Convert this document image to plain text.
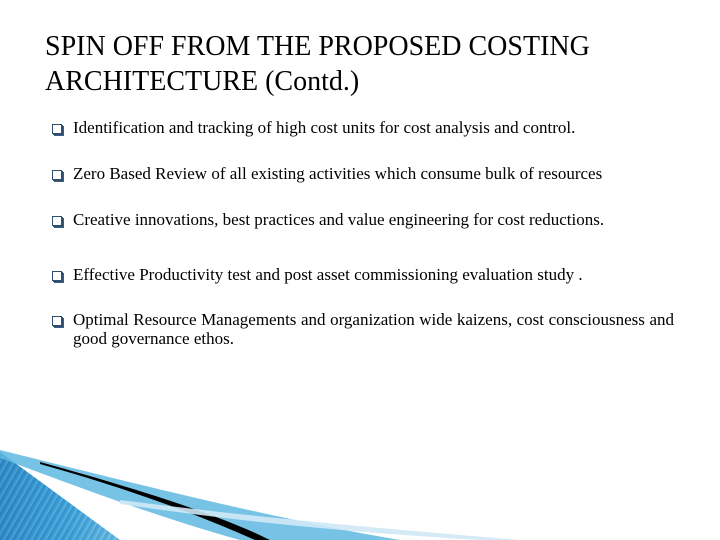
SPIN OFF FROM THE PROPOSED COSTING ARCHITECTURE (Contd.)
Identification and tracking of high cost units for cost analysis and control.
Zero Based Review of all existing activities which consume bulk of resources
Creative innovations, best practices and value engineering for cost reductions.
Effective Productivity test and post asset commissioning evaluation study .
Optimal Resource Managements and organization wide kaizens, cost consciousness and good governance ethos.
